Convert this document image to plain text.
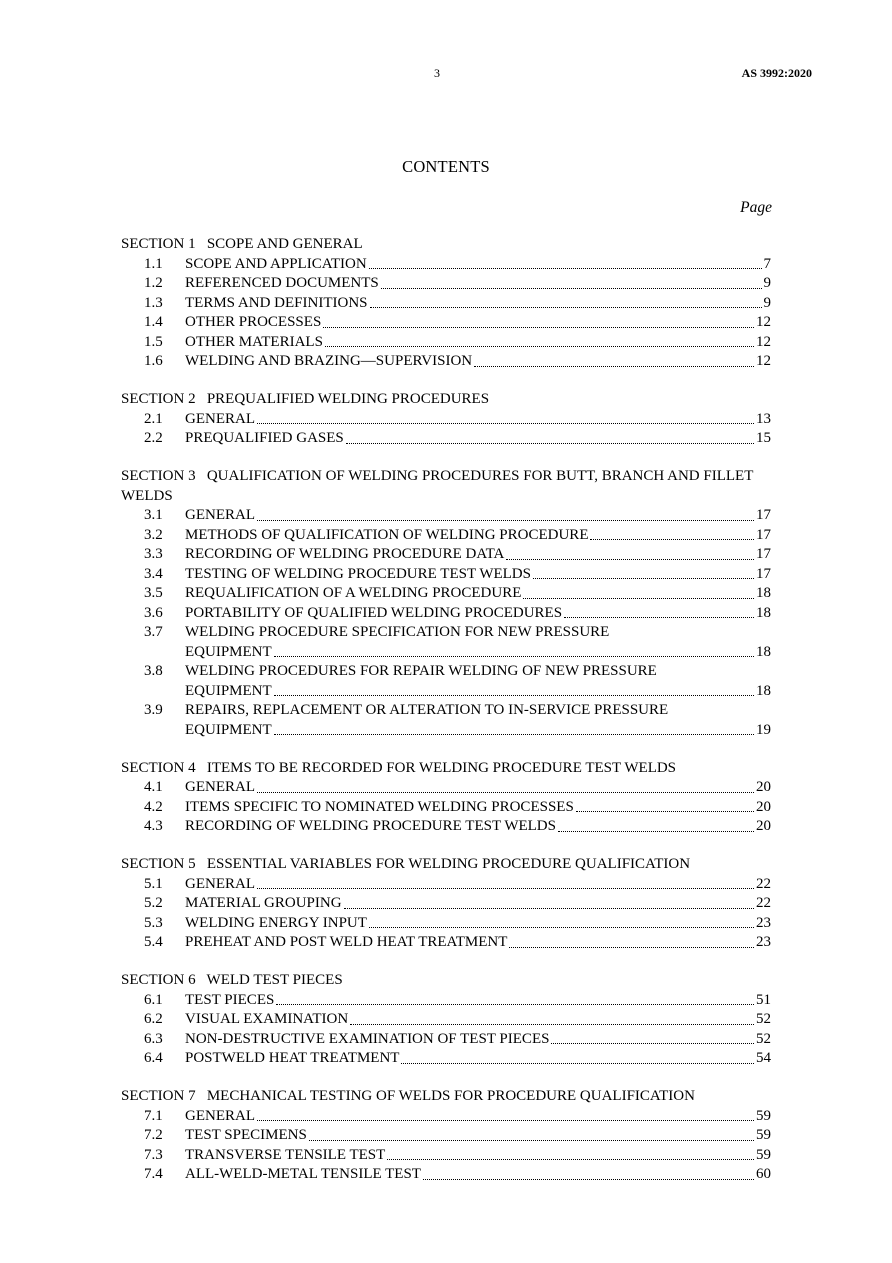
3	AS 3992:2020
CONTENTS
Page
SECTION 1   SCOPE AND GENERAL
1.1	SCOPE AND APPLICATION	7
1.2	REFERENCED DOCUMENTS	9
1.3	TERMS AND DEFINITIONS	9
1.4	OTHER PROCESSES	12
1.5	OTHER MATERIALS	12
1.6	WELDING AND BRAZING—SUPERVISION	12
SECTION 2   PREQUALIFIED WELDING PROCEDURES
2.1	GENERAL	13
2.2	PREQUALIFIED GASES	15
SECTION 3   QUALIFICATION OF WELDING PROCEDURES FOR BUTT, BRANCH AND FILLET WELDS
3.1	GENERAL	17
3.2	METHODS OF QUALIFICATION OF WELDING PROCEDURE	17
3.3	RECORDING OF WELDING PROCEDURE DATA	17
3.4	TESTING OF WELDING PROCEDURE TEST WELDS	17
3.5	REQUALIFICATION OF A WELDING PROCEDURE	18
3.6	PORTABILITY OF QUALIFIED WELDING PROCEDURES	18
3.7	WELDING PROCEDURE SPECIFICATION FOR NEW PRESSURE
EQUIPMENT	18
3.8	WELDING PROCEDURES FOR REPAIR WELDING OF NEW PRESSURE
EQUIPMENT	18
3.9	REPAIRS, REPLACEMENT OR ALTERATION TO IN-SERVICE PRESSURE
EQUIPMENT	19
SECTION 4   ITEMS TO BE RECORDED FOR WELDING PROCEDURE TEST WELDS
4.1	GENERAL	20
4.2	ITEMS SPECIFIC TO NOMINATED WELDING PROCESSES	20
4.3	RECORDING OF WELDING PROCEDURE TEST WELDS	20
SECTION 5   ESSENTIAL VARIABLES FOR WELDING PROCEDURE QUALIFICATION
5.1	GENERAL	22
5.2	MATERIAL GROUPING	22
5.3	WELDING ENERGY INPUT	23
5.4	PREHEAT AND POST WELD HEAT TREATMENT	23
SECTION 6   WELD TEST PIECES
6.1	TEST PIECES	51
6.2	VISUAL EXAMINATION	52
6.3	NON-DESTRUCTIVE EXAMINATION OF TEST PIECES	52
6.4	POSTWELD HEAT TREATMENT	54
SECTION 7   MECHANICAL TESTING OF WELDS FOR PROCEDURE QUALIFICATION
7.1	GENERAL	59
7.2	TEST SPECIMENS	59
7.3	TRANSVERSE TENSILE TEST	59
7.4	ALL-WELD-METAL TENSILE TEST	60
